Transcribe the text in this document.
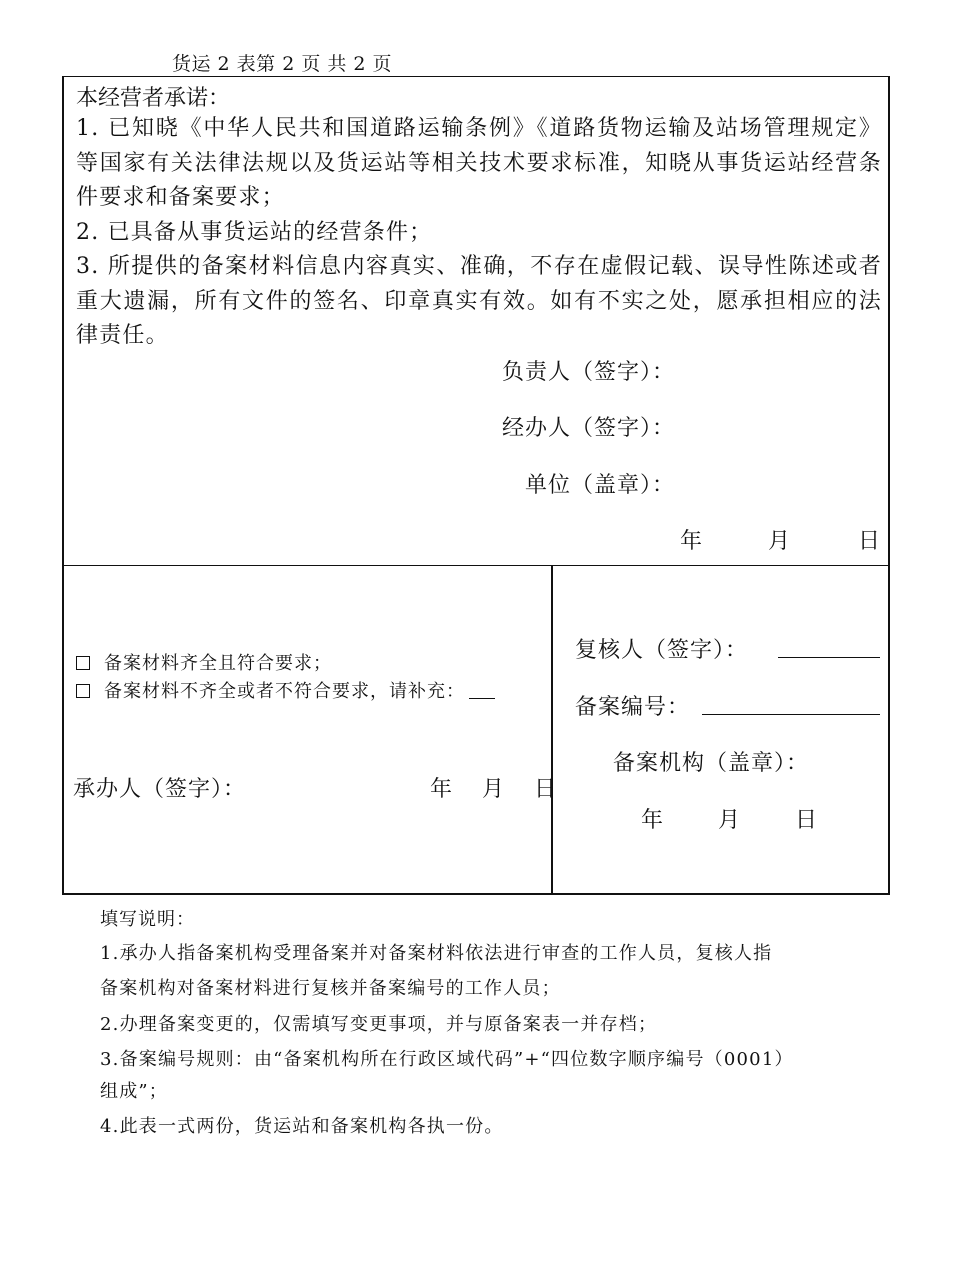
货运 2 表第 2 页 共 2 页
本经营者承诺：

1. 已知晓《中华人民共和国道路运输条例》《道路货物运输及站场管理规定》等国家有关法律法规以及货运站等相关技术要求标准，知晓从事货运站经营条件要求和备案要求；

2. 已具备从事货运站的经营条件；

3. 所提供的备案材料信息内容真实、准确，不存在虚假记载、误导性陈述或者重大遗漏，所有文件的签名、印章真实有效。如有不实之处，愿承担相应的法律责任。

负责人（签字）：
经办人（签字）：
单位（盖章）：
年	月	日
备案材料齐全且符合要求；
备案材料不齐全或者不符合要求，请补充：
承办人（签字）：	年 月 日
复核人（签字）：
备案编号：
备案机构（盖章）：
年 月 日
填写说明：
1.承办人指备案机构受理备案并对备案材料依法进行审查的工作人员，复核人指
备案机构对备案材料进行复核并备案编号的工作人员；
2.办理备案变更的，仅需填写变更事项，并与原备案表一并存档；
3.备案编号规则：由“备案机构所在行政区域代码”+“四位数字顺序编号（0001）
组成”；
4.此表一式两份，货运站和备案机构各执一份。
